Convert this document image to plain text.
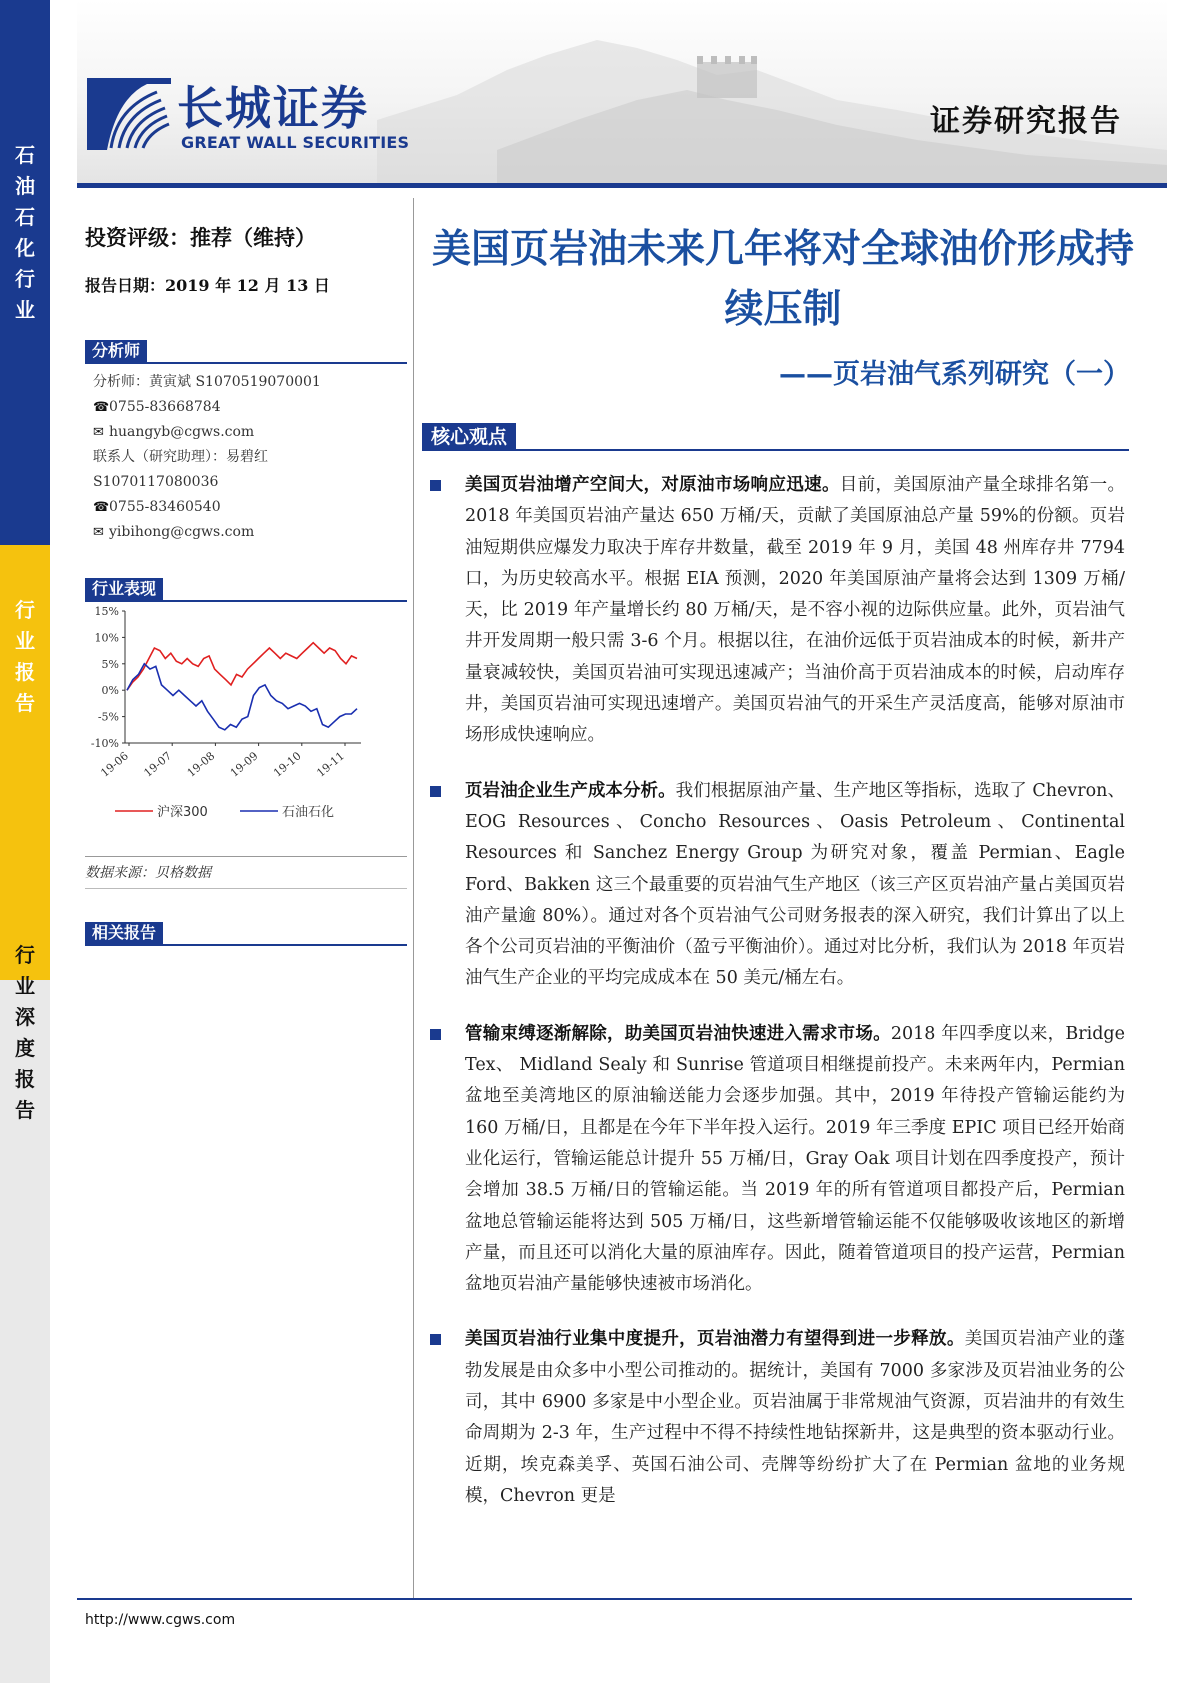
石油石化行业
行业报告
行业深度报告
长城证券
GREAT WALL SECURITIES
证券研究报告
投资评级：推荐（维持）
报告日期：2019 年 12 月 13 日
分析师
分析师：黄寅斌 S1070519070001
☎0755-83668784
✉ huangyb@cgws.com
联系人（研究助理）：易碧红
S1070117080036
☎0755-83460540
✉ yibihong@cgws.com
行业表现
15%
10%
5%
0%
-5%
-10%
19-06 19-07 19-08 19-09 19-10 19-11
沪深300	石油石化
数据来源：贝格数据
相关报告
美国页岩油未来几年将对全球油价形成持续压制
——页岩油气系列研究（一）
核心观点
美国页岩油增产空间大，对原油市场响应迅速。目前，美国原油产量全球排名第一。2018 年美国页岩油产量达 650 万桶/天，贡献了美国原油总产量 59%的份额。页岩油短期供应爆发力取决于库存井数量，截至 2019 年 9 月，美国 48 州库存井 7794 口，为历史较高水平。根据 EIA 预测，2020 年美国原油产量将会达到 1309 万桶/天，比 2019 年产量增长约 80 万桶/天，是不容小视的边际供应量。此外，页岩油气井开发周期一般只需 3-6 个月。根据以往，在油价远低于页岩油成本的时候，新井产量衰减较快，美国页岩油可实现迅速减产；当油价高于页岩油成本的时候，启动库存井，美国页岩油可实现迅速增产。美国页岩油气的开采生产灵活度高，能够对原油市场形成快速响应。
页岩油企业生产成本分析。我们根据原油产量、生产地区等指标，选取了 Chevron、EOG Resources、Concho Resources、Oasis Petroleum、Continental Resources 和 Sanchez Energy Group 为研究对象，覆盖 Permian、Eagle Ford、Bakken 这三个最重要的页岩油气生产地区（该三产区页岩油产量占美国页岩油产量逾 80%）。通过对各个页岩油气公司财务报表的深入研究，我们计算出了以上各个公司页岩油的平衡油价（盈亏平衡油价）。通过对比分析，我们认为 2018 年页岩油气生产企业的平均完成成本在 50 美元/桶左右。
管输束缚逐渐解除，助美国页岩油快速进入需求市场。2018 年四季度以来，Bridge Tex、 Midland Sealy 和 Sunrise 管道项目相继提前投产。未来两年内，Permian 盆地至美湾地区的原油输送能力会逐步加强。其中，2019 年待投产管输运能约为 160 万桶/日，且都是在今年下半年投入运行。2019 年三季度 EPIC 项目已经开始商业化运行，管输运能总计提升 55 万桶/日，Gray Oak 项目计划在四季度投产，预计会增加 38.5 万桶/日的管输运能。当 2019 年的所有管道项目都投产后，Permian 盆地总管输运能将达到 505 万桶/日，这些新增管输运能不仅能够吸收该地区的新增产量，而且还可以消化大量的原油库存。因此，随着管道项目的投产运营，Permian 盆地页岩油产量能够快速被市场消化。
美国页岩油行业集中度提升，页岩油潜力有望得到进一步释放。美国页岩油产业的蓬勃发展是由众多中小型公司推动的。据统计，美国有 7000 多家涉及页岩油业务的公司，其中 6900 多家是中小型企业。页岩油属于非常规油气资源，页岩油井的有效生命周期为 2-3 年，生产过程中不得不持续性地钻探新井，这是典型的资本驱动行业。近期，埃克森美孚、英国石油公司、壳牌等纷纷扩大了在 Permian 盆地的业务规模，Chevron 更是
http://www.cgws.com
